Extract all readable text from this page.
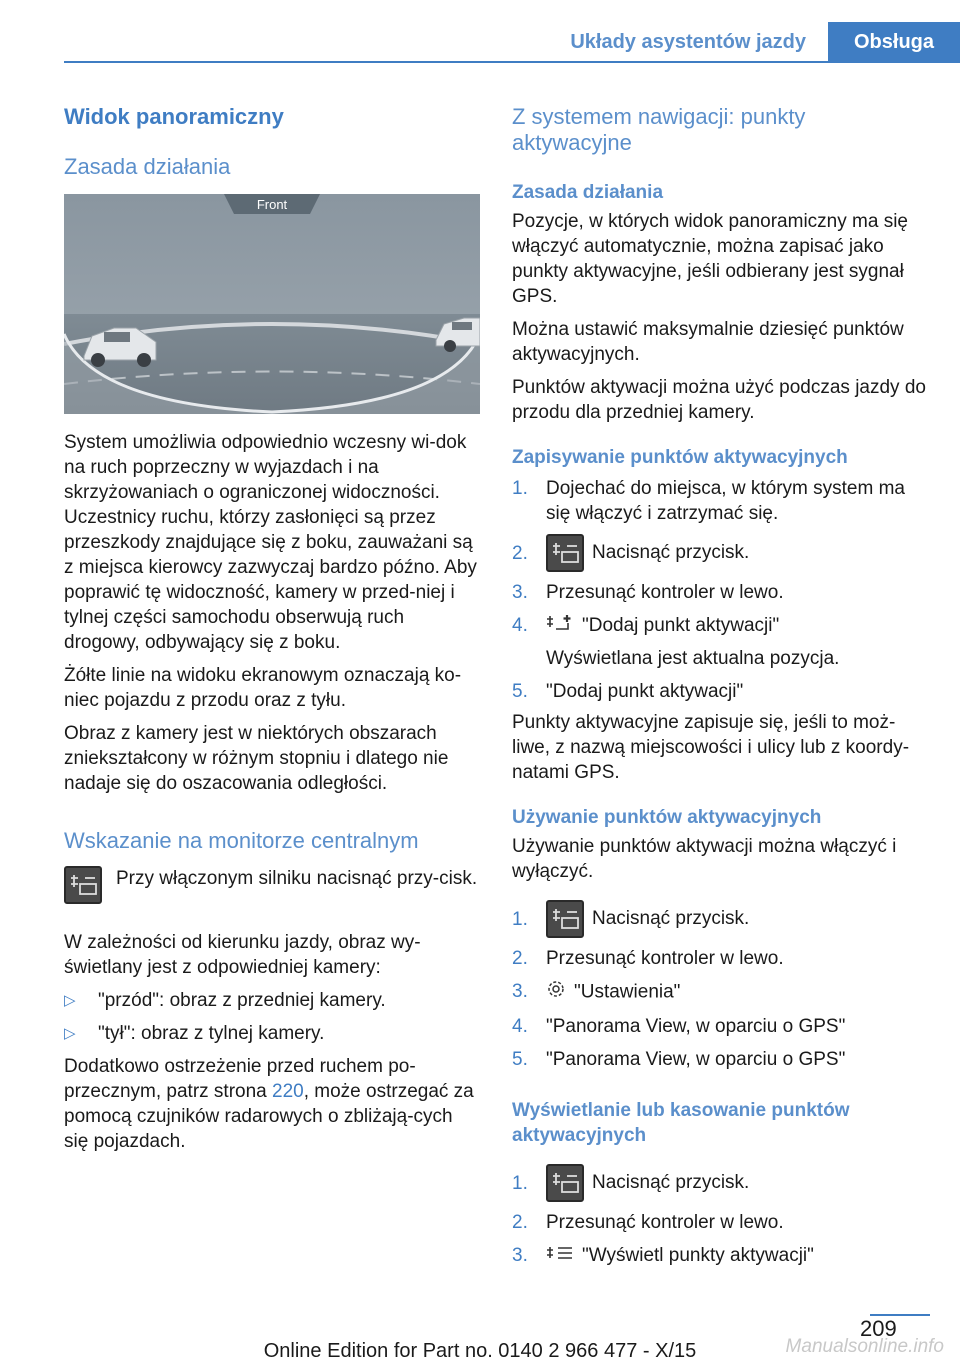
Układy asystentów jazdy	Obsługa
Widok panoramiczny
Zasada działania
Front

System umożliwia odpowiednio wczesny wi-dok na ruch poprzeczny w wyjazdach i na skrzyżowaniach o ograniczonej widoczności. Uczestnicy ruchu, którzy zasłonięci są przez przeszkody znajdujące się z boku, zauważani są z miejsca kierowcy zazwyczaj bardzo późno. Aby poprawić tę widoczność, kamery w przed-niej i tylnej części samochodu obserwują ruch drogowy, odbywający się z boku.

Żółte linie na widoku ekranowym oznaczają ko-niec pojazdu z przodu oraz z tyłu.

Obraz z kamery jest w niektórych obszarach zniekształcony w różnym stopniu i dlatego nie nadaje się do oszacowania odległości.

Wskazanie na monitorze centralnym

Przy włączonym silniku nacisnąć przy-cisk.

W zależności od kierunku jazdy, obraz wy-świetlany jest z odpowiedniej kamery:

▷	"przód": obraz z przedniej kamery.
▷	"tył": obraz z tylnej kamery.

Dodatkowo ostrzeżenie przed ruchem po-przecznym, patrz strona 220, może ostrzegać za pomocą czujników radarowych o zbliżają-cych się pojazdach.

Z systemem nawigacji: punkty aktywacyjne
Zasada działania

Pozycje, w których widok panoramiczny ma się włączyć automatycznie, można zapisać jako punkty aktywacyjne, jeśli odbierany jest sygnał GPS.

Można ustawić maksymalnie dziesięć punktów aktywacyjnych.

Punktów aktywacji można użyć podczas jazdy do przodu dla przedniej kamery.

Zapisywanie punktów aktywacyjnych
1. Dojechać do miejsca, w którym system ma się włączyć i zatrzymać się.
2.	Nacisnąć przycisk.
3. Przesunąć kontroler w lewo.
4.	"Dodaj punkt aktywacji"
Wyświetlana jest aktualna pozycja.
5. "Dodaj punkt aktywacji"

Punkty aktywacyjne zapisuje się, jeśli to moż-liwe, z nazwą miejscowości i ulicy lub z koordy-natami GPS.

Używanie punktów aktywacyjnych

Używanie punktów aktywacji można włączyć i wyłączyć.

1.	Nacisnąć przycisk.
2. Przesunąć kontroler w lewo.
3.	"Ustawienia"
4. "Panorama View, w oparciu o GPS"
5. "Panorama View, w oparciu o GPS"
Wyświetlanie lub kasowanie punktów aktywacyjnych
1.	Nacisnąć przycisk.
2. Przesunąć kontroler w lewo.
3.	"Wyświetl punkty aktywacji"
209
Online Edition for Part no. 0140 2 966 477 - X/15	Manualsonline.info
